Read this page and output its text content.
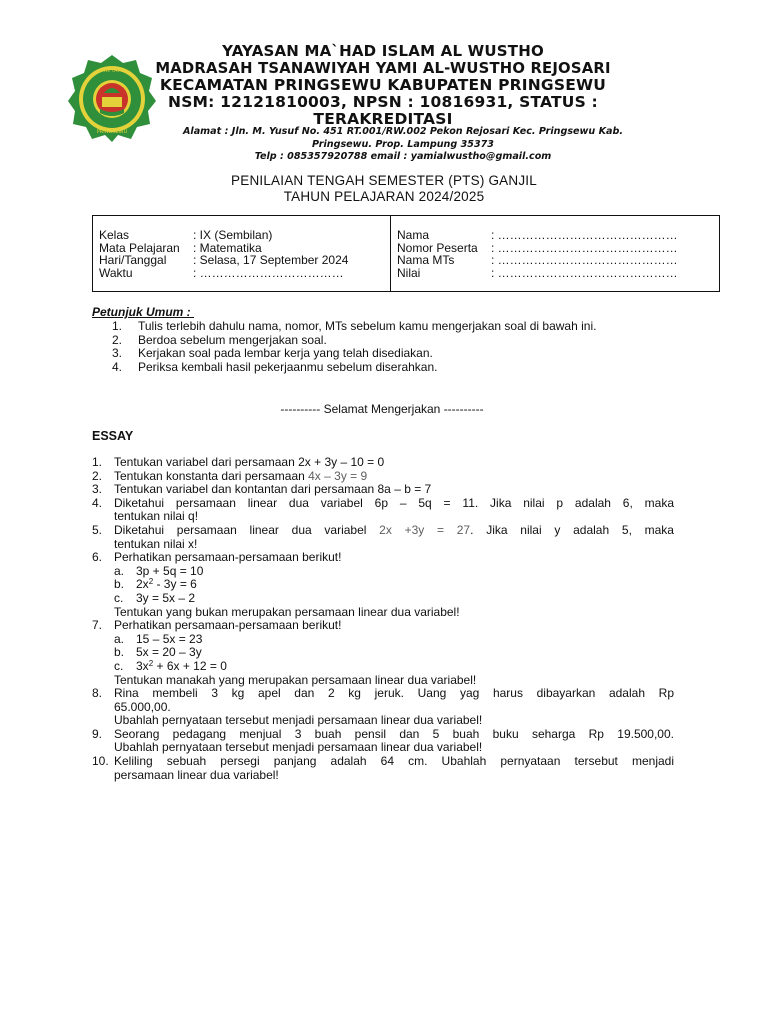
MTs YAMI
PRINGSEWU
YAYASAN MA`HAD ISLAM AL WUSTHO
MADRASAH TSANAWIYAH YAMI AL-WUSTHO REJOSARI
KECAMATAN PRINGSEWU KABUPATEN PRINGSEWU
NSM: 12121810003, NPSN : 10816931, STATUS :
TERAKREDITASI
Alamat : Jln. M. Yusuf No. 451 RT.001/RW.002 Pekon Rejosari Kec. Pringsewu Kab.
Pringsewu. Prop. Lampung 35373
Telp : 085357920788 email : yamialwustho@gmail.com
PENILAIAN TENGAH SEMESTER (PTS) GANJIL
TAHUN PELAJARAN 2024/2025
Kelas	: IX (Sembilan)
Mata Pelajaran	: Matematika
Hari/Tanggal	: Selasa, 17 September 2024
Waktu	: ………………………………
Nama	: ………………………………………
Nomor Peserta	: ………………………………………
Nama MTs	: ………………………………………
Nilai	: ………………………………………
Petunjuk Umum :
1.	Tulis terlebih dahulu nama, nomor, MTs sebelum kamu mengerjakan soal di bawah ini.
2.	Berdoa sebelum mengerjakan soal.
3.	Kerjakan soal pada lembar kerja yang telah disediakan.
4.	Periksa kembali hasil pekerjaanmu sebelum diserahkan.
---------- Selamat Mengerjakan ----------
ESSAY
1. Tentukan variabel dari persamaan 2x + 3y – 10 = 0
2. Tentukan konstanta dari persamaan 4x – 3y = 9
3. Tentukan variabel dan kontantan dari persamaan 8a – b = 7
4. Diketahui persamaan linear dua variabel 6p – 5q = 11. Jika nilai p adalah 6, maka
tentukan nilai q!
5. Diketahui persamaan linear dua variabel 2x +3y = 27. Jika nilai y adalah 5, maka
tentukan nilai x!
6. Perhatikan persamaan-persamaan berikut!
a. 3p + 5q = 10
b. $2x^2 - 3y = 6$
c.	3y = 5x – 2
Tentukan yang bukan merupakan persamaan linear dua variabel!
7. Perhatikan persamaan-persamaan berikut!
a. 15 – 5x = 23
b. 5x = 20 – 3y
c.	$3x^2 + 6x + 12 = 0$
Tentukan manakah yang merupakan persamaan linear dua variabel!
8. Rina membeli 3 kg apel dan 2 kg jeruk. Uang yag harus dibayarkan adalah Rp
65.000,00.
Ubahlah pernyataan tersebut menjadi persamaan linear dua variabel!
9. Seorang pedagang menjual 3 buah pensil dan 5 buah buku seharga Rp 19.500,00.
Ubahlah pernyataan tersebut menjadi persamaan linear dua variabel!
10. Keliling sebuah persegi panjang adalah 64 cm. Ubahlah pernyataan tersebut menjadi
persamaan linear dua variabel!
